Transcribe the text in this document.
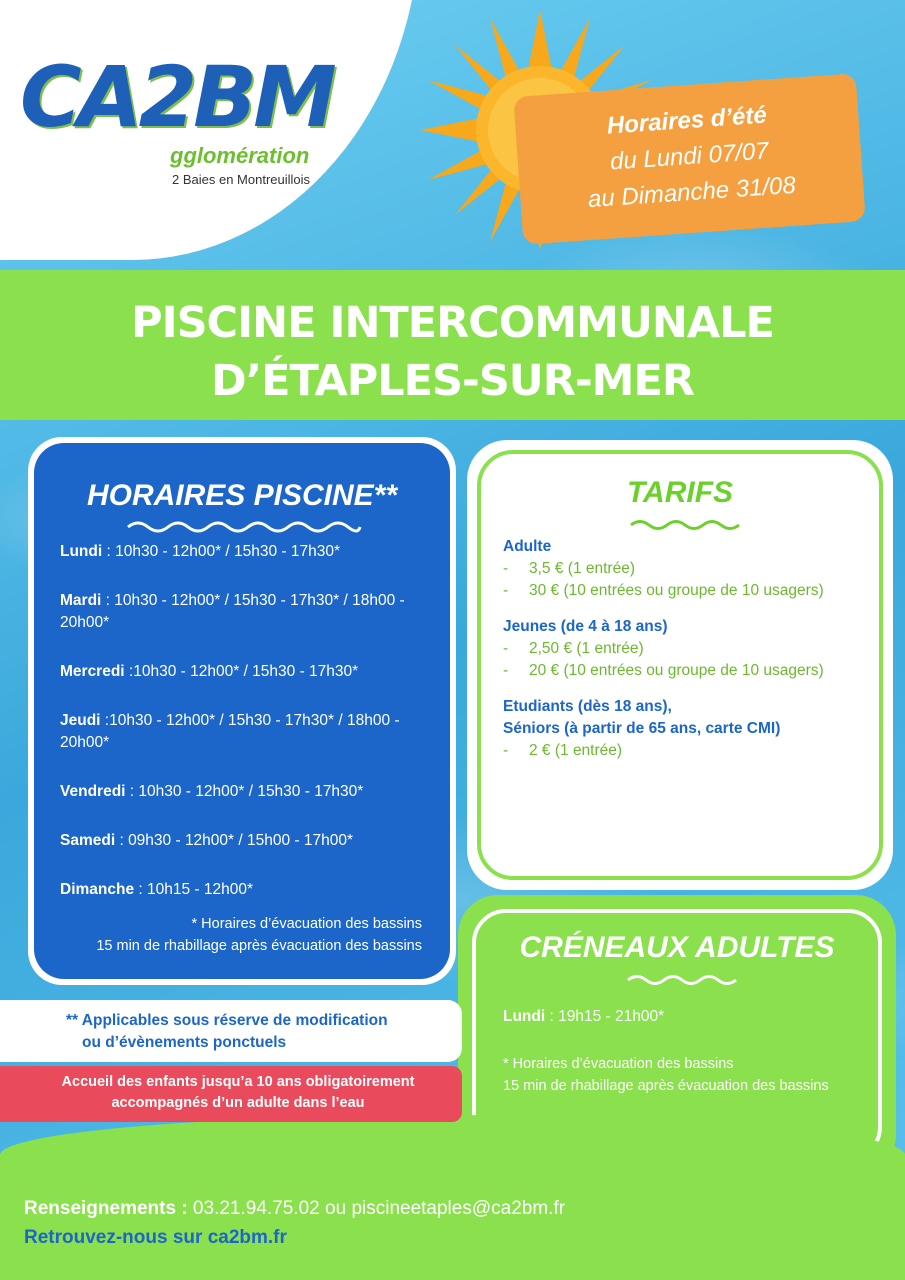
CA2BM
gglomération
2 Baies en Montreuillois
Horaires d’été
du Lundi 07/07
au Dimanche 31/08
PISCINE INTERCOMMUNALE
D’ÉTAPLES-SUR-MER
HORAIRES PISCINE**
Lundi : 10h30 - 12h00* / 15h30 - 17h30*
Mardi : 10h30 - 12h00* / 15h30 - 17h30* / 18h00 - 20h00*
Mercredi :10h30 - 12h00* / 15h30 - 17h30*
Jeudi :10h30 - 12h00* / 15h30 - 17h30* / 18h00 - 20h00*
Vendredi : 10h30 - 12h00* / 15h30 - 17h30*
Samedi : 09h30 - 12h00* / 15h00 - 17h00*
Dimanche : 10h15 - 12h00*
* Horaires d’évacuation des bassins
15 min de rhabillage après évacuation des bassins
TARIFS
Adulte
- 3,5 € (1 entrée)
- 30 € (10 entrées ou groupe de 10 usagers)
Jeunes (de 4 à 18 ans)
- 2,50 € (1 entrée)
- 20 € (10 entrées ou groupe de 10 usagers)
Etudiants (dès 18 ans),
Séniors (à partir de 65 ans, carte CMI)
- 2 € (1 entrée)
CRÉNEAUX ADULTES
Lundi : 19h15 - 21h00*
* Horaires d’évacuation des bassins
15 min de rhabillage après évacuation des bassins
** Applicables sous réserve de modification
ou d’évènements ponctuels
Accueil des enfants jusqu’a 10 ans obligatoirement
accompagnés d’un adulte dans l’eau
Renseignements : 03.21.94.75.02 ou piscineetaples@ca2bm.fr
Retrouvez-nous sur ca2bm.fr
